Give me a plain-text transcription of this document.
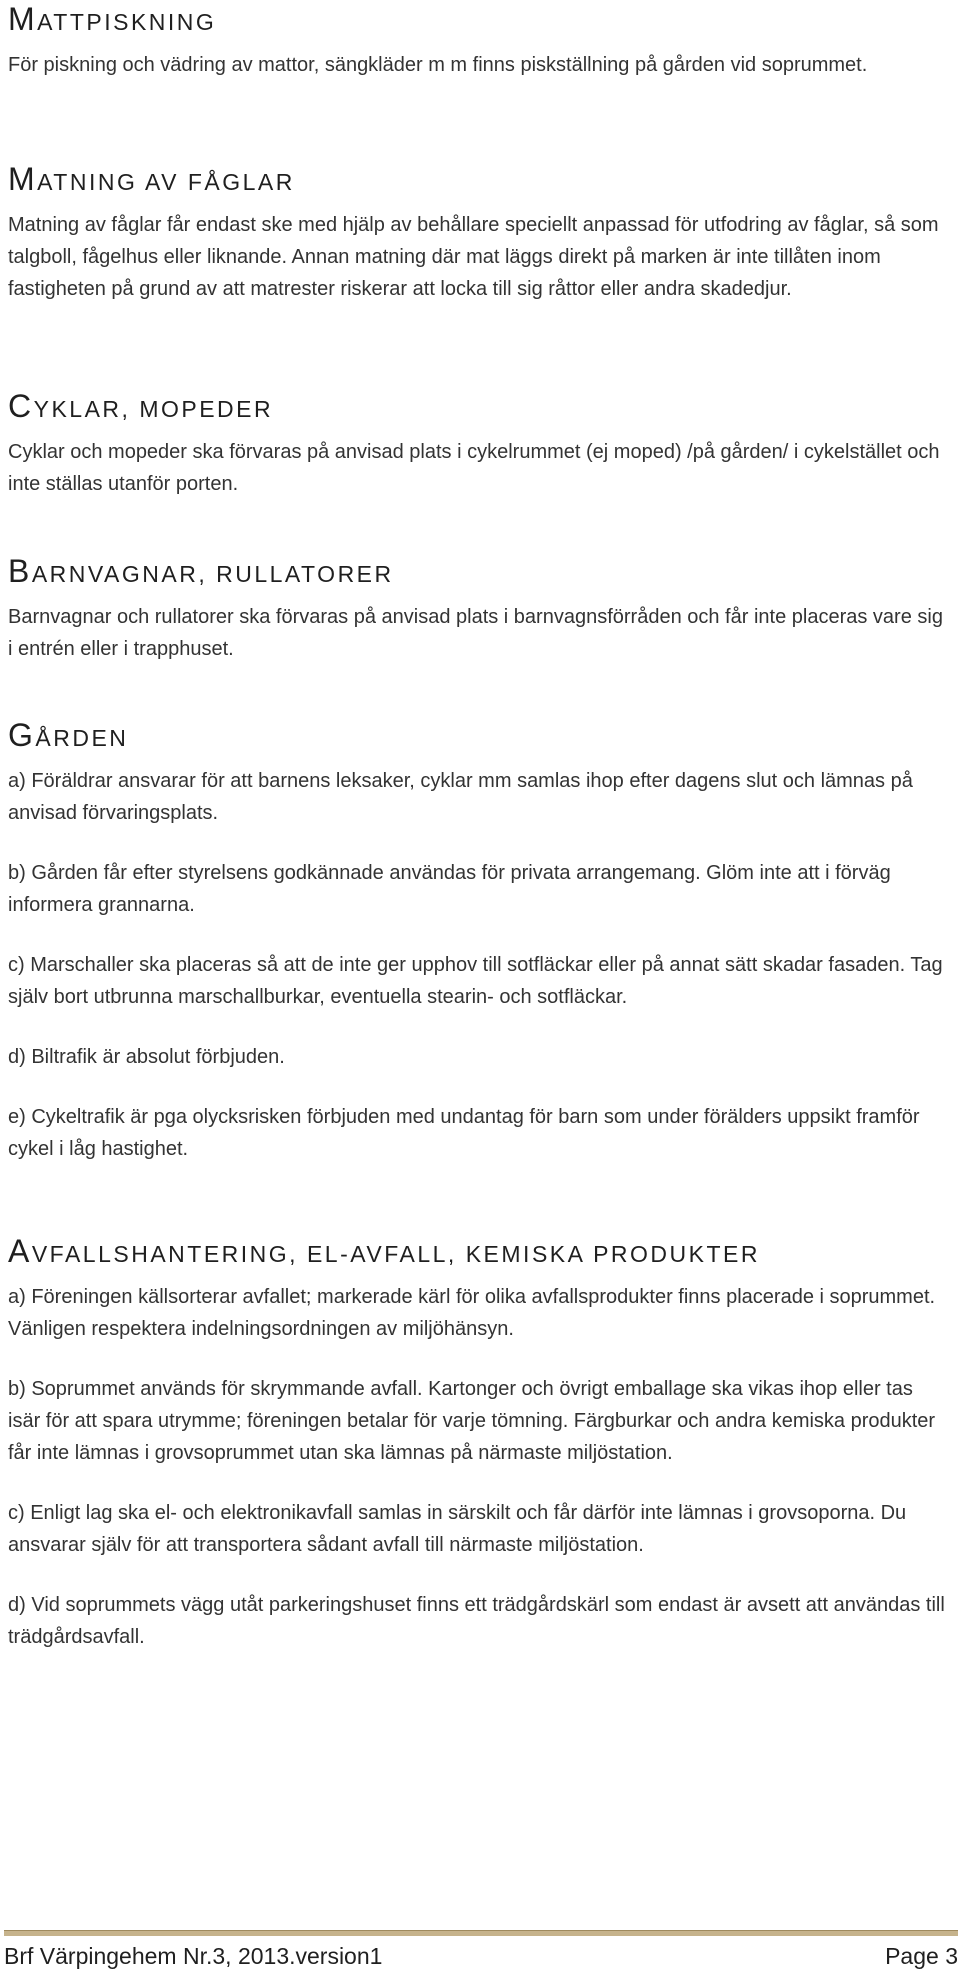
MATTPISKNING

För piskning och vädring av mattor, sängkläder m m finns piskställning på gården vid soprummet.

MATNING AV FÅGLAR

Matning av fåglar får endast ske med hjälp av behållare speciellt anpassad för utfodring av fåglar, så som talgboll, fågelhus eller liknande. Annan matning där mat läggs direkt på marken är inte tillåten inom fastigheten på grund av att matrester riskerar att locka till sig råttor eller andra skadedjur.

CYKLAR, MOPEDER

Cyklar och mopeder ska förvaras på anvisad plats i cykelrummet (ej moped) /på gården/ i cykelstället och inte ställas utanför porten.

BARNVAGNAR, RULLATORER

Barnvagnar och rullatorer ska förvaras på anvisad plats i barnvagnsförråden och får inte placeras vare sig i entrén eller i trapphuset.

GÅRDEN

a) Föräldrar ansvarar för att barnens leksaker, cyklar mm samlas ihop efter dagens slut och lämnas på anvisad förvaringsplats.

b) Gården får efter styrelsens godkännade användas för privata arrangemang. Glöm inte att i förväg informera grannarna.

c) Marschaller ska placeras så att de inte ger upphov till sotfläckar eller på annat sätt skadar fasaden. Tag själv bort utbrunna marschallburkar, eventuella stearin- och sotfläckar.

d) Biltrafik är absolut förbjuden.

e) Cykeltrafik är pga olycksrisken förbjuden med undantag för barn som under förälders uppsikt framför cykel i låg hastighet.

AVFALLSHANTERING, EL-AVFALL, KEMISKA PRODUKTER

a) Föreningen källsorterar avfallet; markerade kärl för olika avfallsprodukter finns placerade i soprummet. Vänligen respektera indelningsordningen av miljöhänsyn.

b) Soprummet används för skrymmande avfall. Kartonger och övrigt emballage ska vikas ihop eller tas isär för att spara utrymme; föreningen betalar för varje tömning. Färgburkar och andra kemiska produkter får inte lämnas i grovsoprummet utan ska lämnas på närmaste miljöstation.

c) Enligt lag ska el- och elektronikavfall samlas in särskilt och får därför inte lämnas i grovsoporna. Du ansvarar själv för att transportera sådant avfall till närmaste miljöstation.

d) Vid soprummets vägg utåt parkeringshuset finns ett trädgårdskärl som endast är avsett att användas till trädgårdsavfall.

Brf Värpingehem Nr.3, 2013.version1	Page 3
